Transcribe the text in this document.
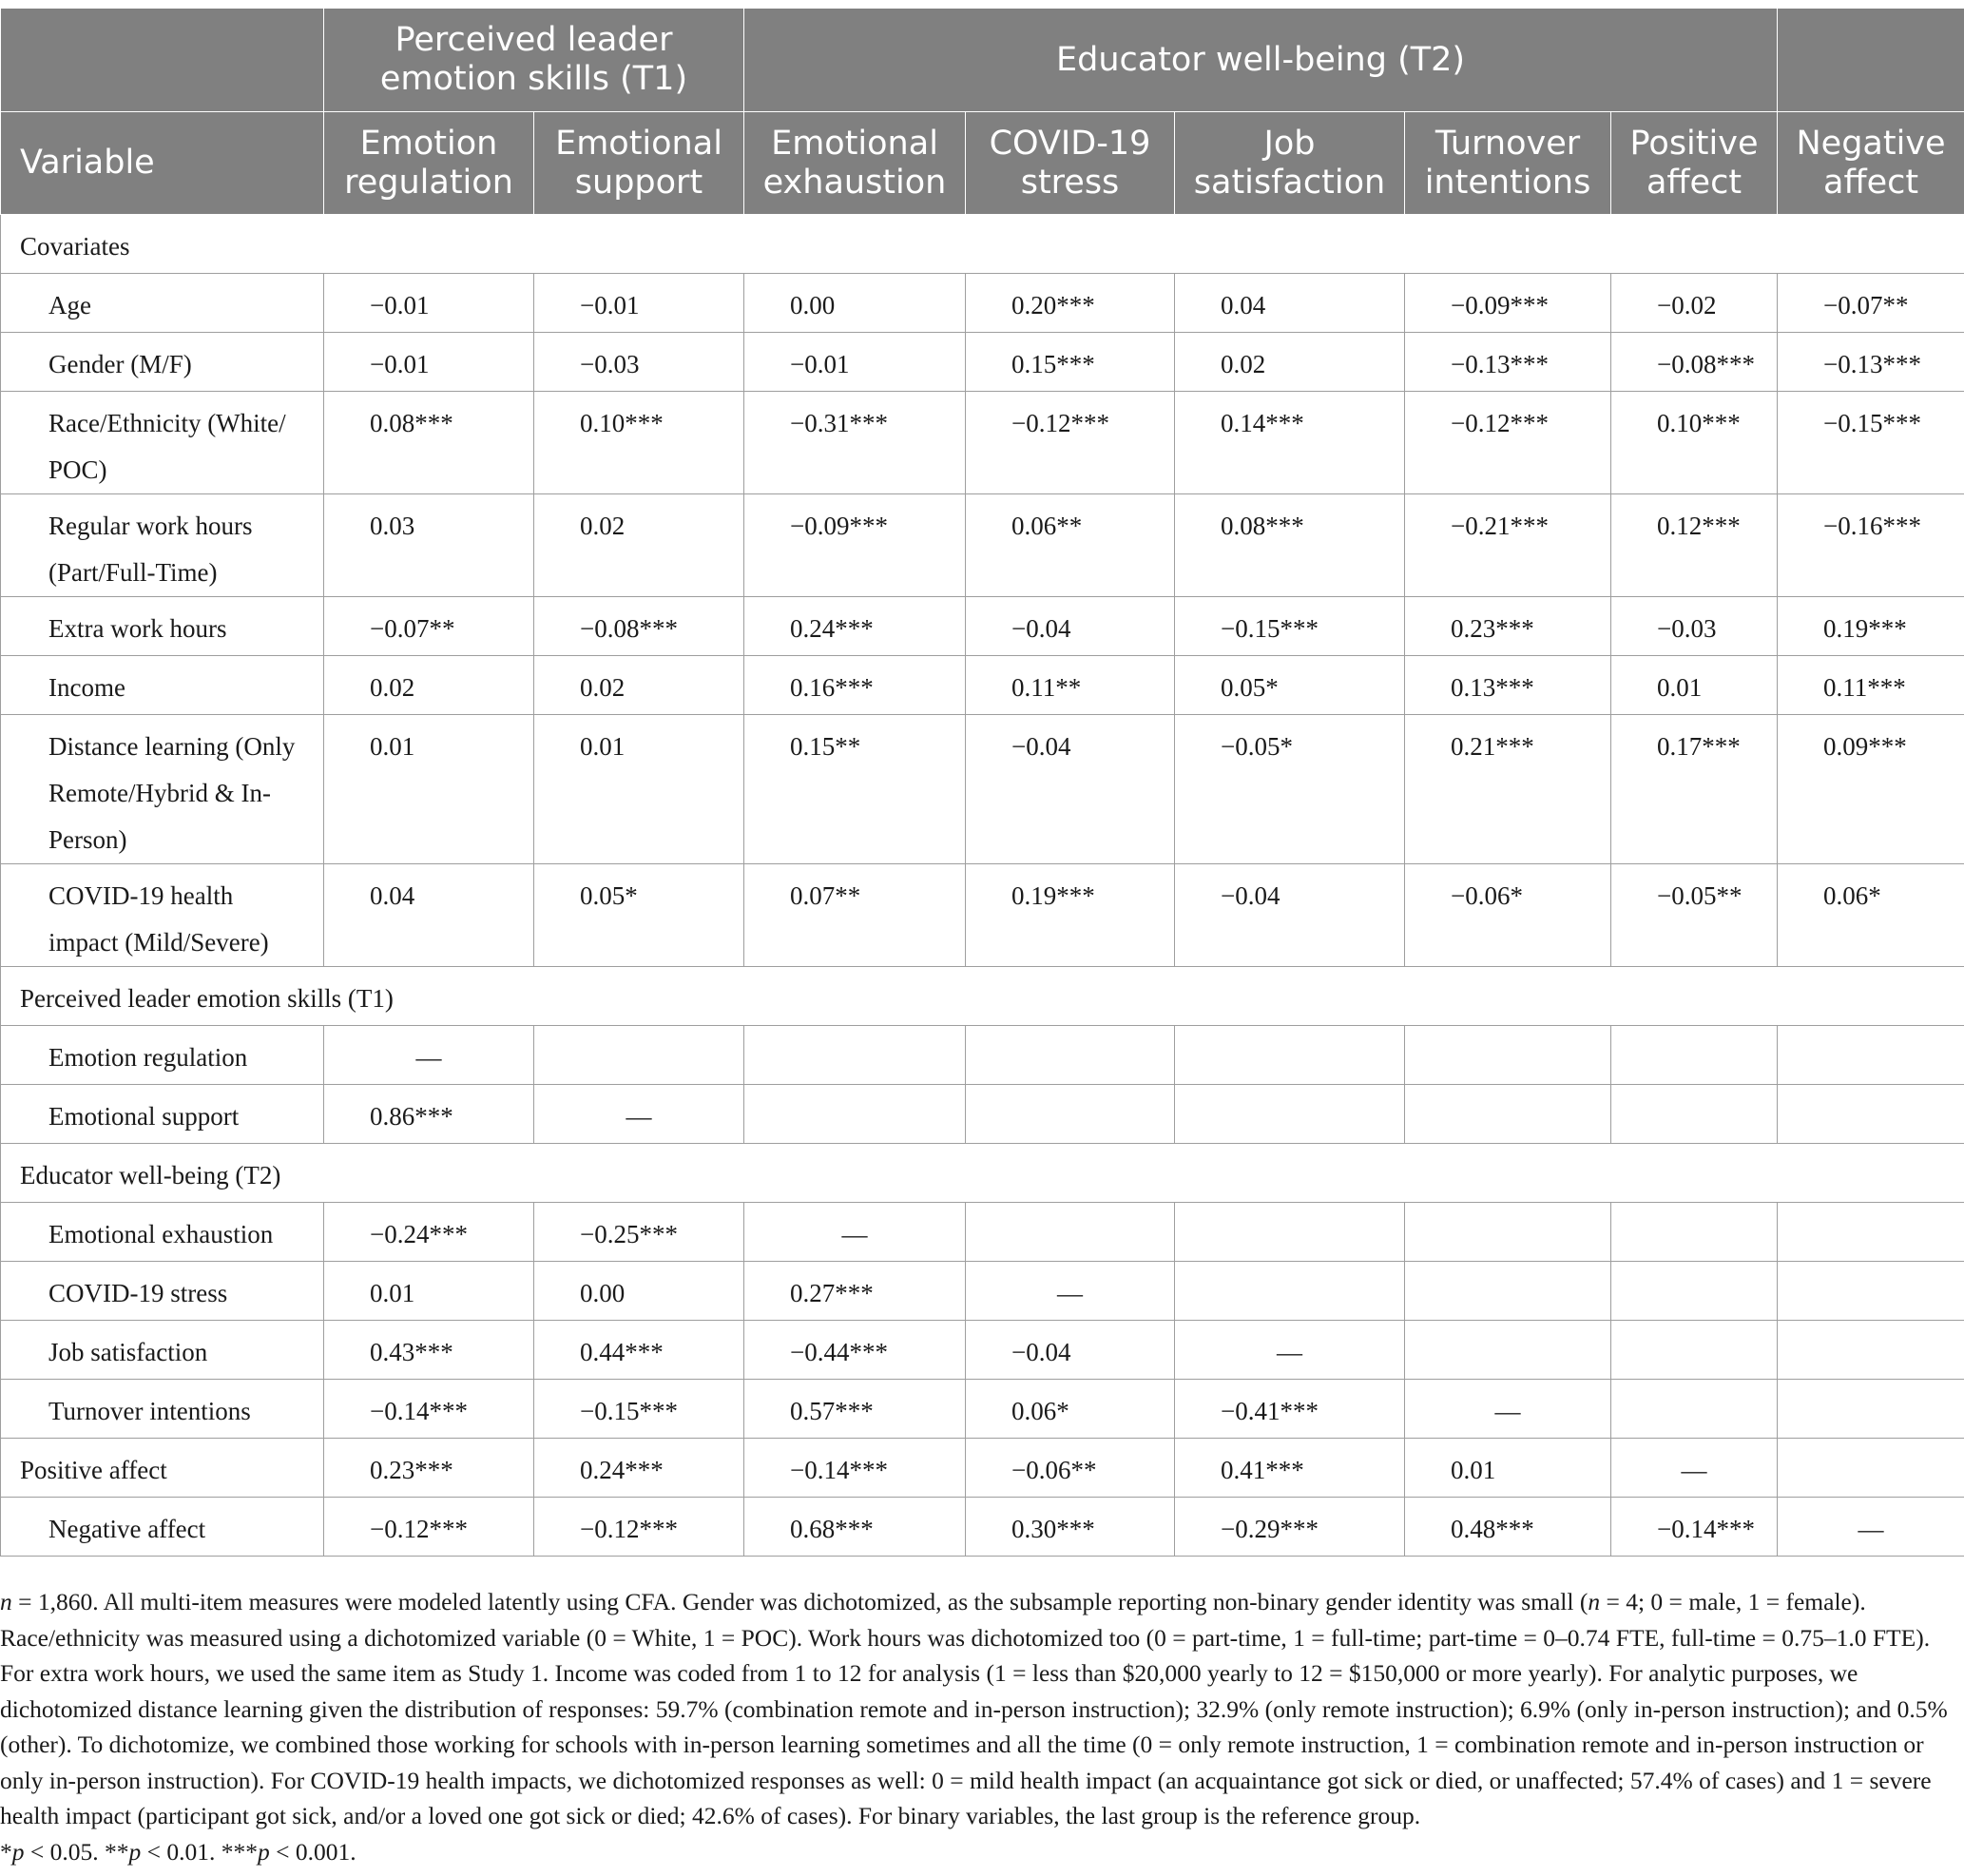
	Perceived leader emotion skills (T1)		Educator well-being (T2)					
Variable	Emotion regulation	Emotional support	Emotional exhaustion	COVID-19 stress	Job satisfaction	Turnover intentions	Positive affect	Negative affect
Covariates								
Age	−0.01	−0.01	0.00	0.20***	0.04	−0.09***	−0.02	−0.07**
Gender (M/F)	−0.01	−0.03	−0.01	0.15***	0.02	−0.13***	−0.08***	−0.13***
Race/Ethnicity (White/ POC)	0.08***	0.10***	−0.31***	−0.12***	0.14***	−0.12***	0.10***	−0.15***
Regular work hours (Part/Full-Time)	0.03	0.02	−0.09***	0.06**	0.08***	−0.21***	0.12***	−0.16***
Extra work hours	−0.07**	−0.08***	0.24***	−0.04	−0.15***	0.23***	−0.03	0.19***
Income	0.02	0.02	0.16***	0.11**	0.05*	0.13***	0.01	0.11***
Distance learning (Only Remote/Hybrid & In-Person)	0.01	0.01	0.15**	−0.04	−0.05*	0.21***	0.17***	0.09***
COVID-19 health impact (Mild/Severe)	0.04	0.05*	0.07**	0.19***	−0.04	−0.06*	−0.05**	0.06*
Perceived leader emotion skills (T1)								
Emotion regulation	—							
Emotional support	0.86***	—						
Educator well-being (T2)								
Emotional exhaustion	−0.24***	−0.25***	—					
COVID-19 stress	0.01	0.00	0.27***	—				
Job satisfaction	0.43***	0.44***	−0.44***	−0.04	—			
Turnover intentions	−0.14***	−0.15***	0.57***	0.06*	−0.41***	—		
Positive affect	0.23***	0.24***	−0.14***	−0.06**	0.41***	0.01	—	
Negative affect	−0.12***	−0.12***	0.68***	0.30***	−0.29***	0.48***	−0.14***	—

n = 1,860. All multi-item measures were modeled latently using CFA. Gender was dichotomized, as the subsample reporting non-binary gender identity was small (n = 4; 0 = male, 1 = female). Race/ethnicity was measured using a dichotomized variable (0 = White, 1 = POC). Work hours was dichotomized too (0 = part-time, 1 = full-time; part-time = 0–0.74 FTE, full-time = 0.75–1.0 FTE). For extra work hours, we used the same item as Study 1. Income was coded from 1 to 12 for analysis (1 = less than $20,000 yearly to 12 = $150,000 or more yearly). For analytic purposes, we dichotomized distance learning given the distribution of responses: 59.7% (combination remote and in-person instruction); 32.9% (only remote instruction); 6.9% (only in-person instruction); and 0.5% (other). To dichotomize, we combined those working for schools with in-person learning sometimes and all the time (0 = only remote instruction, 1 = combination remote and in-person instruction or only in-person instruction). For COVID-19 health impacts, we dichotomized responses as well: 0 = mild health impact (an acquaintance got sick or died, or unaffected; 57.4% of cases) and 1 = severe health impact (participant got sick, and/or a loved one got sick or died; 42.6% of cases). For binary variables, the last group is the reference group.

*p < 0.05. **p < 0.01. ***p < 0.001.
